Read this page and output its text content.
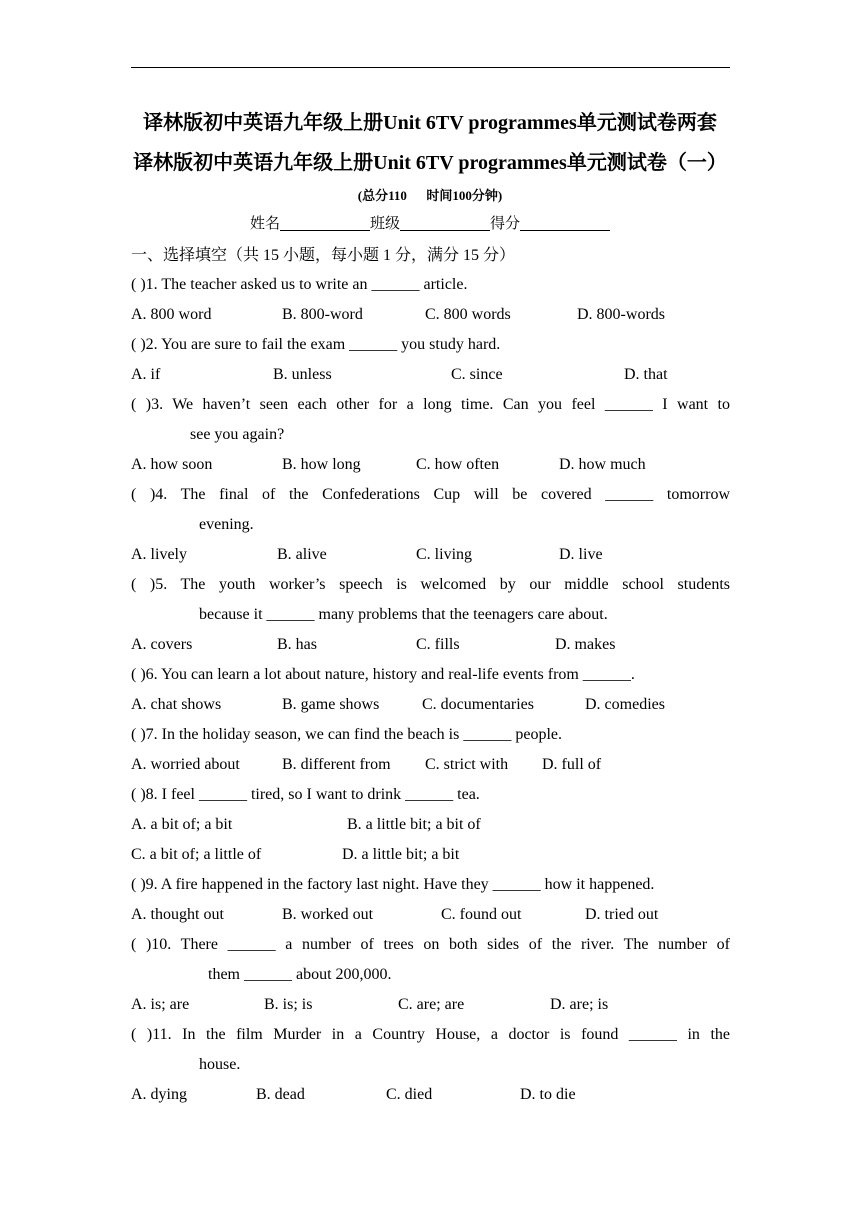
译林版初中英语九年级上册Unit 6TV programmes单元测试卷两套
译林版初中英语九年级上册Unit 6TV programmes单元测试卷（一）
(总分110      时间100分钟)
姓名	班级	得分
一、选择填空（共 15 小题，每小题 1 分，满分 15 分）
( )1. The teacher asked us to write an ______ article.
A. 800 word	B. 800-word	C. 800 words	D. 800-words
( )2. You are sure to fail the exam ______ you study hard.
A. if	B. unless	C. since	D. that
( )3. We haven’t seen each other for a long time. Can you feel ______ I want to
see you again?
A. how soon	B. how long	C. how often	D. how much
( )4. The final of the Confederations Cup will be covered ______ tomorrow
evening.
A. lively	B. alive	C. living	D. live
( )5. The youth worker’s speech is welcomed by our middle school students
because it ______ many problems that the teenagers care about.
A. covers	B. has	C. fills	D. makes
( )6. You can learn a lot about nature, history and real-life events from ______.
A. chat shows	B. game shows	C. documentaries	D. comedies
( )7. In the holiday season, we can find the beach is ______ people.
A. worried about	B. different from C. strict with D. full of
( )8. I feel ______ tired, so I want to drink ______ tea.
A. a bit of; a bit	B. a little bit; a bit of
C. a bit of; a little of	D. a little bit; a bit
( )9. A fire happened in the factory last night. Have they ______ how it happened.
A. thought out	B. worked out	C. found out	D. tried out
( )10. There ______ a number of trees on both sides of the river. The number of
them ______ about 200,000.
A. is; are	B. is; is	C. are; are	D. are; is
( )11. In the film Murder in a Country House, a doctor is found ______ in the
house.
A. dying	B. dead	C. died	D. to die
